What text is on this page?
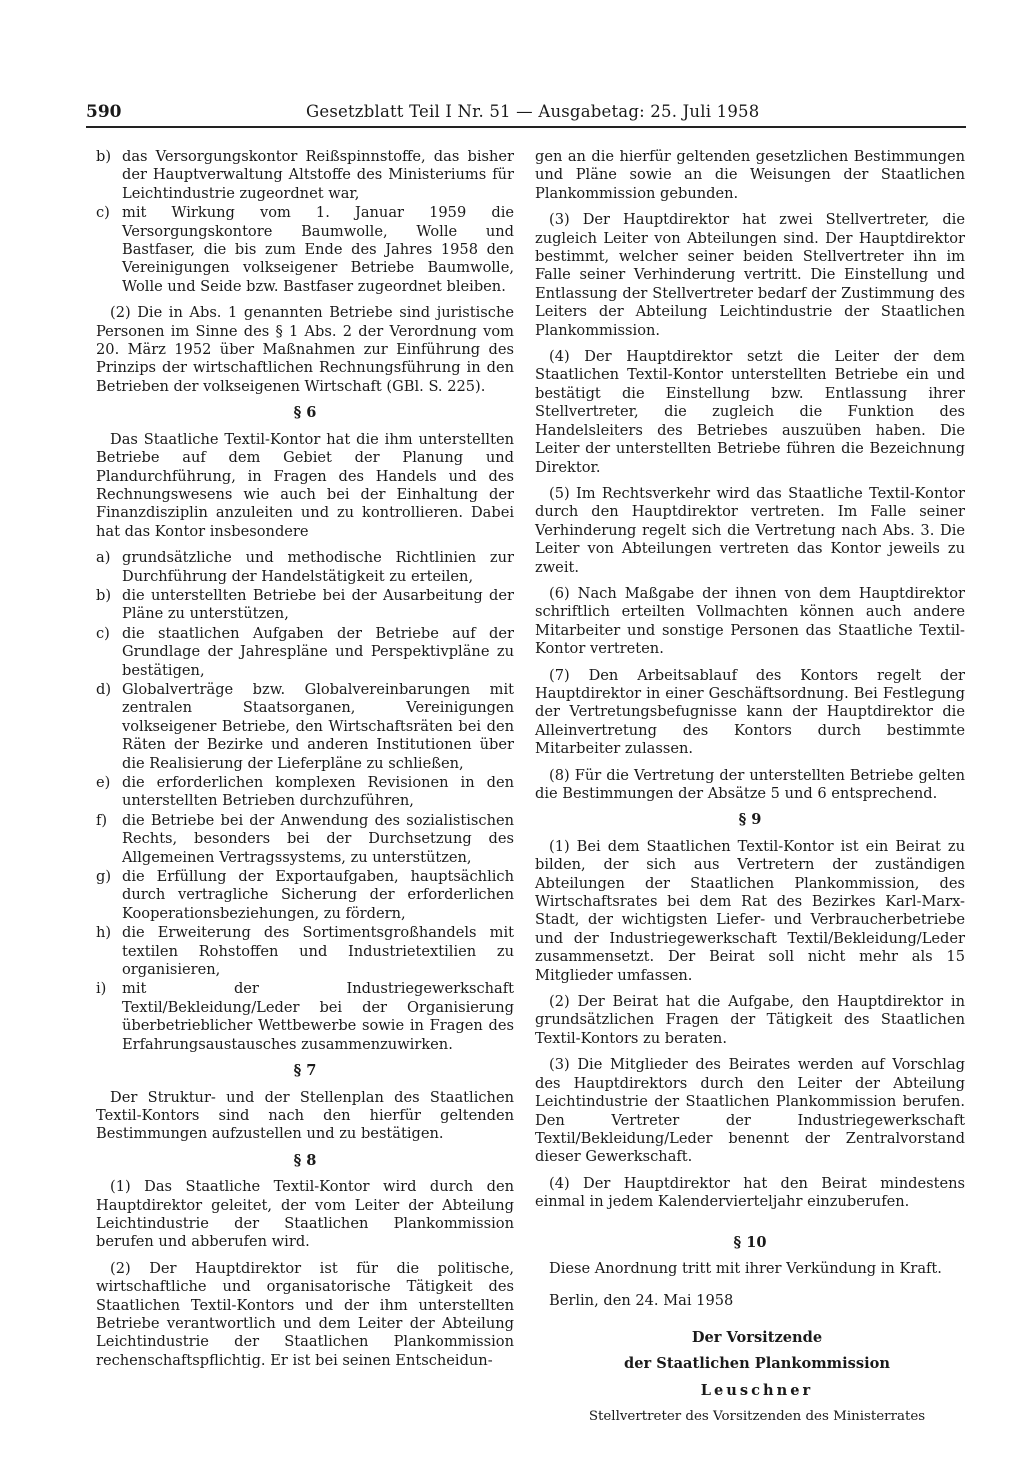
590	Gesetzblatt Teil I Nr. 51 — Ausgabetag: 25. Juli 1958
b) das Versorgungskontor Reißspinnstoffe, das bisher der Hauptverwaltung Altstoffe des Ministeriums für Leichtindustrie zugeordnet war,
c) mit Wirkung vom 1. Januar 1959 die Versorgungskontore Baumwolle, Wolle und Bastfaser, die bis zum Ende des Jahres 1958 den Vereinigungen volkseigener Betriebe Baumwolle, Wolle und Seide bzw. Bastfaser zugeordnet bleiben.

(2) Die in Abs. 1 genannten Betriebe sind juristische Personen im Sinne des § 1 Abs. 2 der Verordnung vom 20. März 1952 über Maßnahmen zur Einführung des Prinzips der wirtschaftlichen Rechnungsführung in den Betrieben der volkseigenen Wirtschaft (GBl. S. 225).

§ 6

Das Staatliche Textil-Kontor hat die ihm unterstellten Betriebe auf dem Gebiet der Planung und Plandurchführung, in Fragen des Handels und des Rechnungswesens wie auch bei der Einhaltung der Finanzdisziplin anzuleiten und zu kontrollieren. Dabei hat das Kontor insbesondere

a) grundsätzliche und methodische Richtlinien zur Durchführung der Handelstätigkeit zu erteilen,
b) die unterstellten Betriebe bei der Ausarbeitung der Pläne zu unterstützen,
c) die staatlichen Aufgaben der Betriebe auf der Grundlage der Jahrespläne und Perspektivpläne zu bestätigen,
d) Globalverträge bzw. Globalvereinbarungen mit zentralen Staatsorganen, Vereinigungen volkseigener Betriebe, den Wirtschaftsräten bei den Räten der Bezirke und anderen Institutionen über die Realisierung der Lieferpläne zu schließen,
e) die erforderlichen komplexen Revisionen in den unterstellten Betrieben durchzuführen,
f)	die Betriebe bei der Anwendung des sozialistischen Rechts, besonders bei der Durchsetzung des Allgemeinen Vertragssystems, zu unterstützen,
g) die Erfüllung der Exportaufgaben, hauptsächlich durch vertragliche Sicherung der erforderlichen Kooperationsbeziehungen, zu fördern,
h) die Erweiterung des Sortimentsgroßhandels mit textilen Rohstoffen und Industrietextilien zu organisieren,
i)	mit der Industriegewerkschaft Textil/Bekleidung/Leder bei der Organisierung überbetrieblicher Wettbewerbe sowie in Fragen des Erfahrungsaustausches zusammenzuwirken.

§ 7

Der Struktur- und der Stellenplan des Staatlichen Textil-Kontors sind nach den hierfür geltenden Bestimmungen aufzustellen und zu bestätigen.

§ 8

(1) Das Staatliche Textil-Kontor wird durch den Hauptdirektor geleitet, der vom Leiter der Abteilung Leichtindustrie der Staatlichen Plankommission berufen und abberufen wird.

(2) Der Hauptdirektor ist für die politische, wirtschaftliche und organisatorische Tätigkeit des Staatlichen Textil-Kontors und der ihm unterstellten Betriebe verantwortlich und dem Leiter der Abteilung Leichtindustrie der Staatlichen Plankommission rechenschaftspflichtig. Er ist bei seinen Entscheidun-

gen an die hierfür geltenden gesetzlichen Bestimmungen und Pläne sowie an die Weisungen der Staatlichen Plankommission gebunden.

(3) Der Hauptdirektor hat zwei Stellvertreter, die zugleich Leiter von Abteilungen sind. Der Hauptdirektor bestimmt, welcher seiner beiden Stellvertreter ihn im Falle seiner Verhinderung vertritt. Die Einstellung und Entlassung der Stellvertreter bedarf der Zustimmung des Leiters der Abteilung Leichtindustrie der Staatlichen Plankommission.

(4) Der Hauptdirektor setzt die Leiter der dem Staatlichen Textil-Kontor unterstellten Betriebe ein und bestätigt die Einstellung bzw. Entlassung ihrer Stellvertreter, die zugleich die Funktion des Handelsleiters des Betriebes auszuüben haben. Die Leiter der unterstellten Betriebe führen die Bezeichnung Direktor.

(5) Im Rechtsverkehr wird das Staatliche Textil-Kontor durch den Hauptdirektor vertreten. Im Falle seiner Verhinderung regelt sich die Vertretung nach Abs. 3. Die Leiter von Abteilungen vertreten das Kontor jeweils zu zweit.

(6) Nach Maßgabe der ihnen von dem Hauptdirektor schriftlich erteilten Vollmachten können auch andere Mitarbeiter und sonstige Personen das Staatliche Textil-Kontor vertreten.

(7) Den Arbeitsablauf des Kontors regelt der Hauptdirektor in einer Geschäftsordnung. Bei Festlegung der Vertretungsbefugnisse kann der Hauptdirektor die Alleinvertretung des Kontors durch bestimmte Mitarbeiter zulassen.

(8) Für die Vertretung der unterstellten Betriebe gelten die Bestimmungen der Absätze 5 und 6 entsprechend.

§ 9

(1) Bei dem Staatlichen Textil-Kontor ist ein Beirat zu bilden, der sich aus Vertretern der zuständigen Abteilungen der Staatlichen Plankommission, des Wirtschaftsrates bei dem Rat des Bezirkes Karl-Marx-Stadt, der wichtigsten Liefer- und Verbraucherbetriebe und der Industriegewerkschaft Textil/Bekleidung/Leder zusammensetzt. Der Beirat soll nicht mehr als 15 Mitglieder umfassen.

(2) Der Beirat hat die Aufgabe, den Hauptdirektor in grundsätzlichen Fragen der Tätigkeit des Staatlichen Textil-Kontors zu beraten.

(3) Die Mitglieder des Beirates werden auf Vorschlag des Hauptdirektors durch den Leiter der Abteilung Leichtindustrie der Staatlichen Plankommission berufen. Den Vertreter der Industriegewerkschaft Textil/Bekleidung/Leder benennt der Zentralvorstand dieser Gewerkschaft.

(4) Der Hauptdirektor hat den Beirat mindestens einmal in jedem Kalendervierteljahr einzuberufen.

§ 10

Diese Anordnung tritt mit ihrer Verkündung in Kraft.

Berlin, den 24. Mai 1958

Der Vorsitzende

der Staatlichen Plankommission

Leuschner

Stellvertreter des Vorsitzenden des Ministerrates
